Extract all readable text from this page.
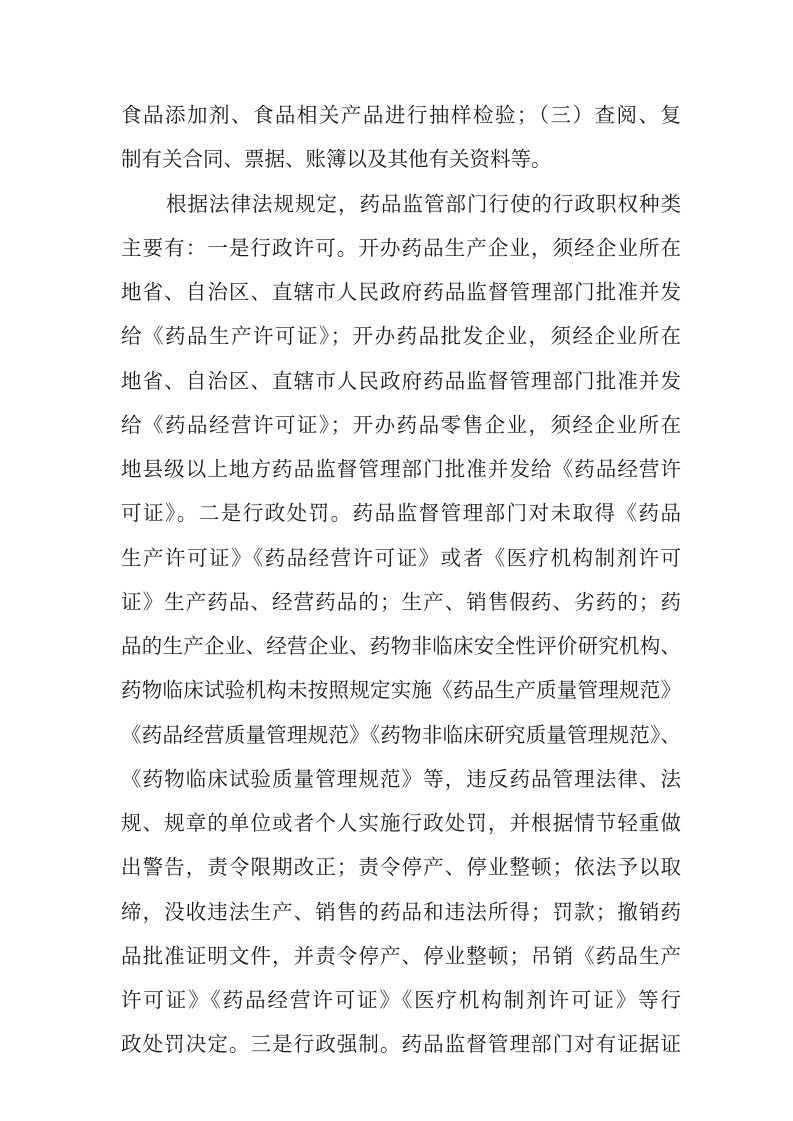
食品添加剂、食品相关产品进行抽样检验；（三）查阅、复
制有关合同、票据、账簿以及其他有关资料等。
根据法律法规规定，药品监管部门行使的行政职权种类
主要有：一是行政许可。开办药品生产企业，须经企业所在
地省、自治区、直辖市人民政府药品监督管理部门批准并发
给《药品生产许可证》；开办药品批发企业，须经企业所在
地省、自治区、直辖市人民政府药品监督管理部门批准并发
给《药品经营许可证》；开办药品零售企业，须经企业所在
地县级以上地方药品监督管理部门批准并发给《药品经营许
可证》。二是行政处罚。药品监督管理部门对未取得《药品
生产许可证》《药品经营许可证》或者《医疗机构制剂许可
证》生产药品、经营药品的；生产、销售假药、劣药的；药
品的生产企业、经营企业、药物非临床安全性评价研究机构、
药物临床试验机构未按照规定实施《药品生产质量管理规范》
《药品经营质量管理规范》《药物非临床研究质量管理规范》、
《药物临床试验质量管理规范》等，违反药品管理法律、法
规、规章的单位或者个人实施行政处罚，并根据情节轻重做
出警告，责令限期改正；责令停产、停业整顿；依法予以取
缔，没收违法生产、销售的药品和违法所得；罚款；撤销药
品批准证明文件，并责令停产、停业整顿；吊销《药品生产
许可证》《药品经营许可证》《医疗机构制剂许可证》等行
政处罚决定。三是行政强制。药品监督管理部门对有证据证
